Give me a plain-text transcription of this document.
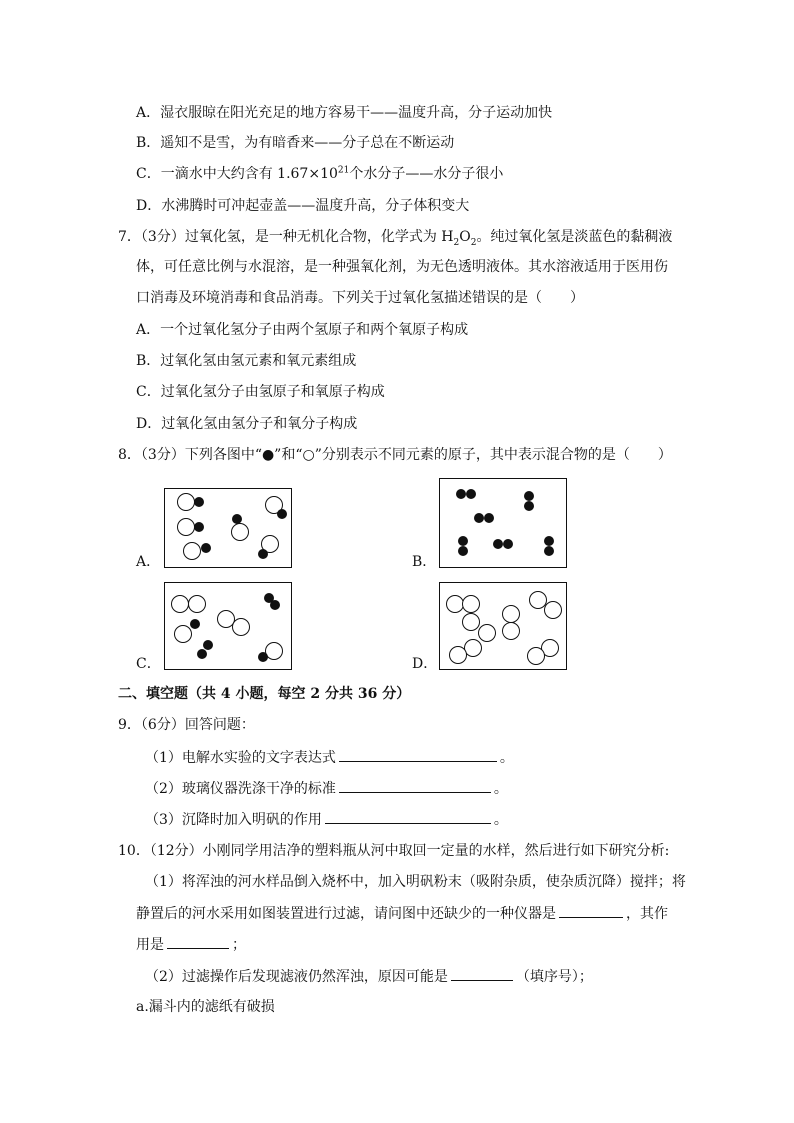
A．湿衣服晾在阳光充足的地方容易干——温度升高，分子运动加快
B．遥知不是雪，为有暗香来——分子总在不断运动
C．一滴水中大约含有 $1.67\times 10^{21}$个水分子——水分子很小
D．水沸腾时可冲起壶盖——温度升高，分子体积变大
7．（3分）过氧化氢，是一种无机化合物，化学式为 $H_2O_2$。纯过氧化氢是淡蓝色的黏稠液
体，可任意比例与水混溶，是一种强氧化剂，为无色透明液体。其水溶液适用于医用伤
口消毒及环境消毒和食品消毒。下列关于过氧化氢描述错误的是（　　）
A．一个过氧化氢分子由两个氢原子和两个氧原子构成
B．过氧化氢由氢元素和氧元素组成
C．过氧化氢分子由氢原子和氧原子构成
D．过氧化氢由氢分子和氧分子构成
8．（3分）下列各图中“●”和“○”分别表示不同元素的原子，其中表示混合物的是（　　）
A．	B．
C．	D．
二、填空题（共 4 小题，每空 2 分共 36 分）
9．（6分）回答问题：
（1）电解水实验的文字表达式	。
（2）玻璃仪器洗涤干净的标准	。
（3）沉降时加入明矾的作用	。
10．（12分）小刚同学用洁净的塑料瓶从河中取回一定量的水样，然后进行如下研究分析:
（1）将浑浊的河水样品倒入烧杯中，加入明矾粉末（吸附杂质，使杂质沉降）搅拌；将
静置后的河水采用如图装置进行过滤，请问图中还缺少的一种仪器是	，其作
用是	；
（2）过滤操作后发现滤液仍然浑浊，原因可能是	（填序号）；
a.漏斗内的滤纸有破损
